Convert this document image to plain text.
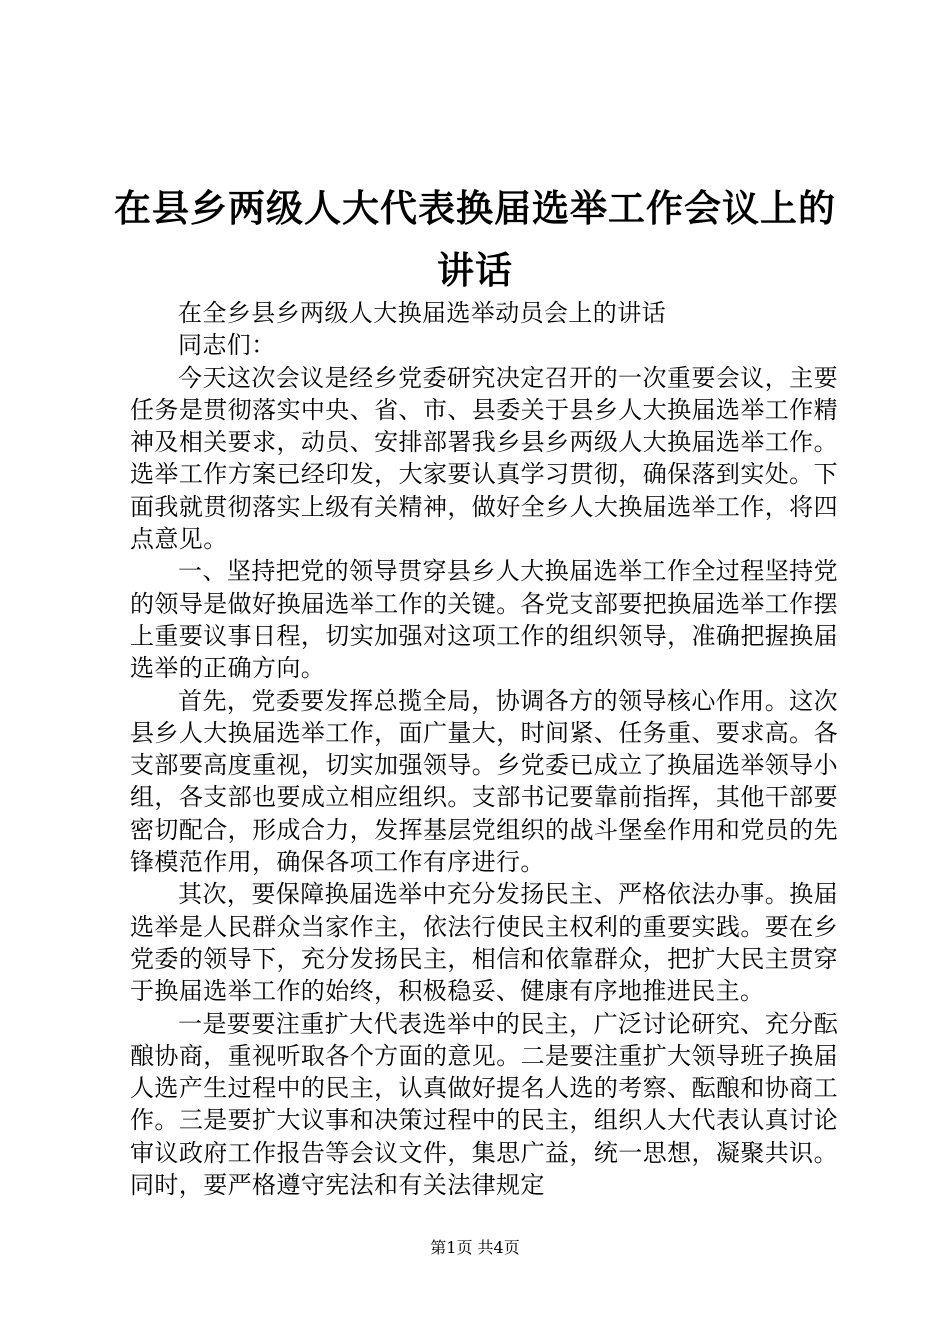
在县乡两级人大代表换届选举工作会议上的讲话

在全乡县乡两级人大换届选举动员会上的讲话

同志们：

今天这次会议是经乡党委研究决定召开的一次重要会议，主要任务是贯彻落实中央、省、市、县委关于县乡人大换届选举工作精神及相关要求，动员、安排部署我乡县乡两级人大换届选举工作。选举工作方案已经印发，大家要认真学习贯彻，确保落到实处。下面我就贯彻落实上级有关精神，做好全乡人大换届选举工作，将四点意见。

一、坚持把党的领导贯穿县乡人大换届选举工作全过程坚持党的领导是做好换届选举工作的关键。各党支部要把换届选举工作摆上重要议事日程，切实加强对这项工作的组织领导，准确把握换届选举的正确方向。

首先，党委要发挥总揽全局，协调各方的领导核心作用。这次县乡人大换届选举工作，面广量大，时间紧、任务重、要求高。各支部要高度重视，切实加强领导。乡党委已成立了换届选举领导小组，各支部也要成立相应组织。支部书记要靠前指挥，其他干部要密切配合，形成合力，发挥基层党组织的战斗堡垒作用和党员的先锋模范作用，确保各项工作有序进行。

其次，要保障换届选举中充分发扬民主、严格依法办事。换届选举是人民群众当家作主，依法行使民主权利的重要实践。要在乡党委的领导下，充分发扬民主，相信和依靠群众，把扩大民主贯穿于换届选举工作的始终，积极稳妥、健康有序地推进民主。

一是要要注重扩大代表选举中的民主，广泛讨论研究、充分酝酿协商，重视听取各个方面的意见。二是要注重扩大领导班子换届人选产生过程中的民主，认真做好提名人选的考察、酝酿和协商工作。三是要扩大议事和决策过程中的民主，组织人大代表认真讨论审议政府工作报告等会议文件，集思广益，统一思想，凝聚共识。同时，要严格遵守宪法和有关法律规定

第1页 共4页
